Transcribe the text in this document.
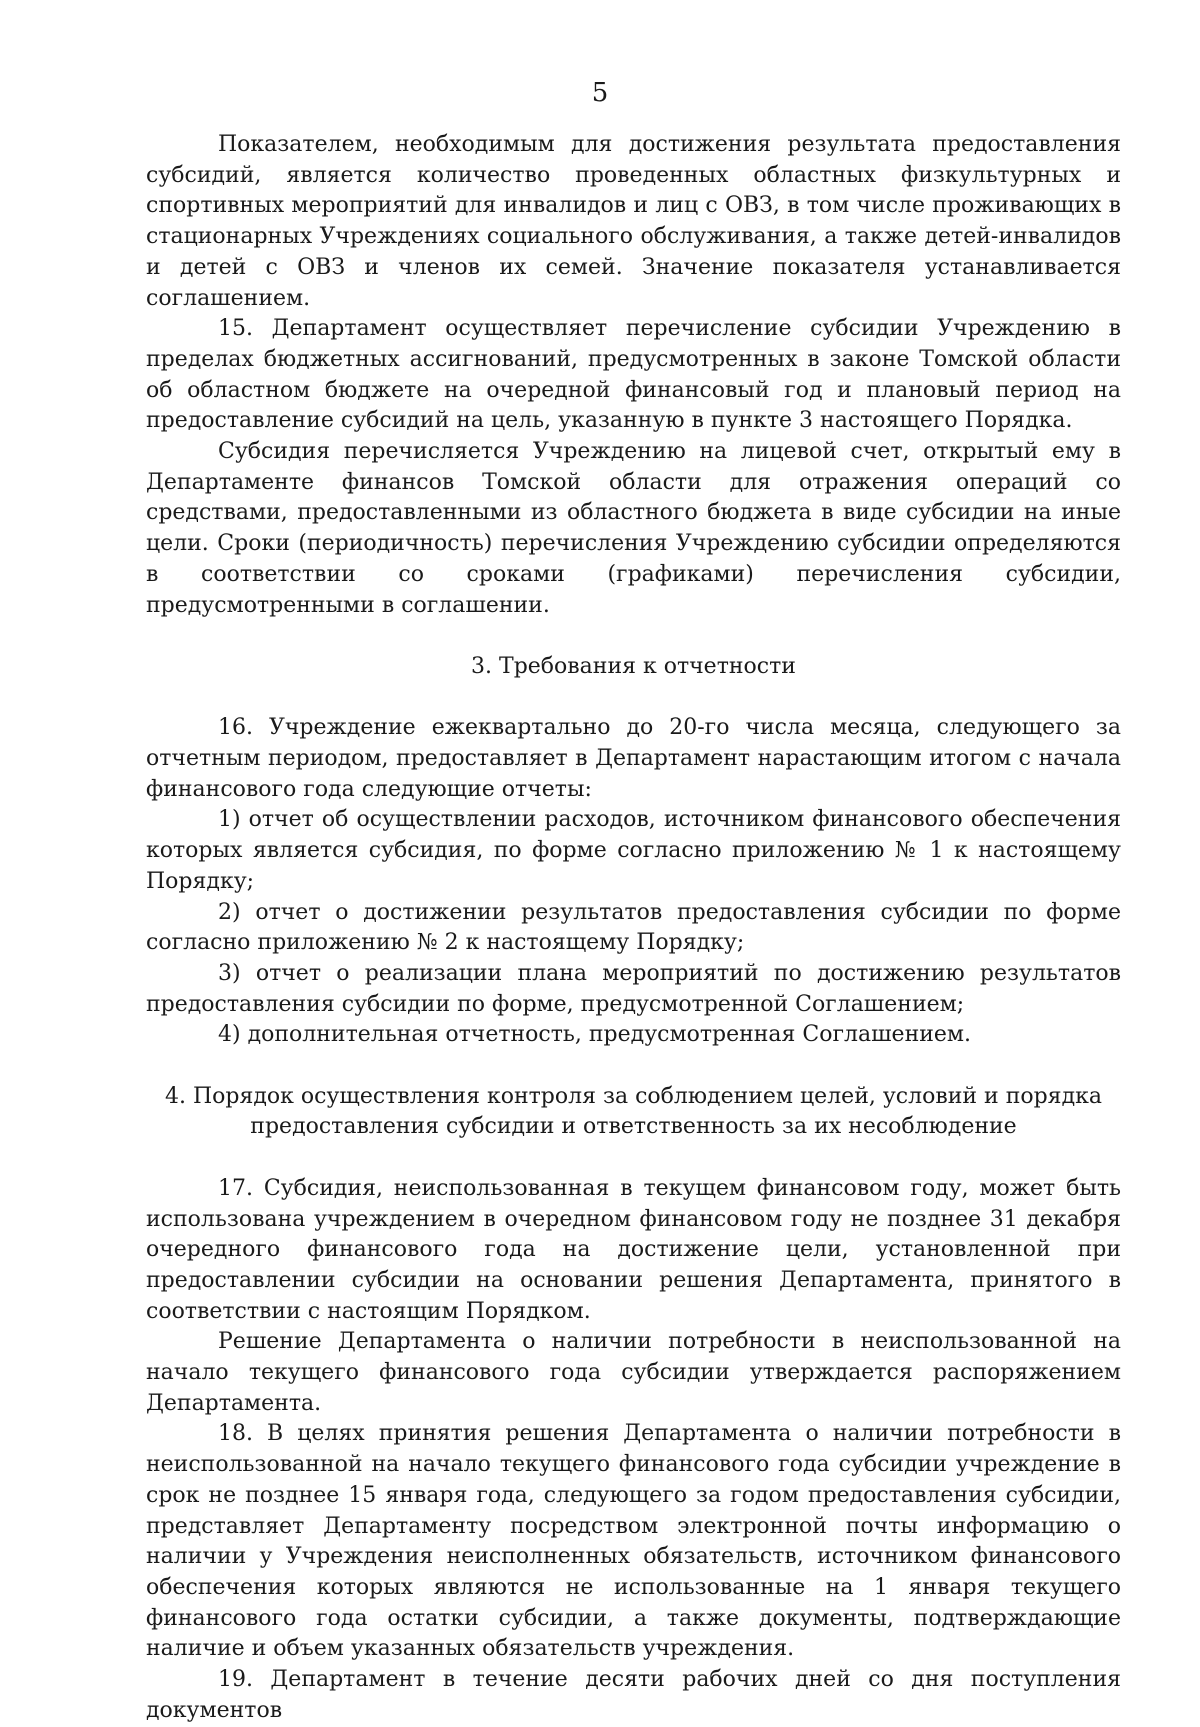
5

Показателем, необходимым для достижения результата предоставления субсидий, является количество проведенных областных физкультурных и спортивных мероприятий для инвалидов и лиц с ОВЗ, в том числе проживающих в стационарных Учреждениях социального обслуживания, а также детей-инвалидов и детей с ОВЗ и членов их семей. Значение показателя устанавливается соглашением.

15. Департамент осуществляет перечисление субсидии Учреждению в пределах бюджетных ассигнований, предусмотренных в законе Томской области об областном бюджете на очередной финансовый год и плановый период на предоставление субсидий на цель, указанную в пункте 3 настоящего Порядка.

Субсидия перечисляется Учреждению на лицевой счет, открытый ему в Департаменте финансов Томской области для отражения операций со средствами, предоставленными из областного бюджета в виде субсидии на иные цели. Сроки (периодичность) перечисления Учреждению субсидии определяются в соответствии со сроками (графиками) перечисления субсидии, предусмотренными в соглашении.

3. Требования к отчетности

16. Учреждение ежеквартально до 20-го числа месяца, следующего за отчетным периодом, предоставляет в Департамент нарастающим итогом с начала финансового года следующие отчеты:

1) отчет об осуществлении расходов, источником финансового обеспечения которых является субсидия, по форме согласно приложению № 1 к настоящему Порядку;

2) отчет о достижении результатов предоставления субсидии по форме согласно приложению № 2 к настоящему Порядку;

3) отчет о реализации плана мероприятий по достижению результатов предоставления субсидии по форме, предусмотренной Соглашением;

4) дополнительная отчетность, предусмотренная Соглашением.

4. Порядок осуществления контроля за соблюдением целей, условий и порядка
предоставления субсидии и ответственность за их несоблюдение

17. Субсидия, неиспользованная в текущем финансовом году, может быть использована учреждением в очередном финансовом году не позднее 31 декабря очередного финансового года на достижение цели, установленной при предоставлении субсидии на основании решения Департамента, принятого в соответствии с настоящим Порядком.

Решение Департамента о наличии потребности в неиспользованной на начало текущего финансового года субсидии утверждается распоряжением Департамента.

18. В целях принятия решения Департамента о наличии потребности в неиспользованной на начало текущего финансового года субсидии учреждение в срок не позднее 15 января года, следующего за годом предоставления субсидии, представляет Департаменту посредством электронной почты информацию о наличии у Учреждения неисполненных обязательств, источником финансового обеспечения которых являются не использованные на 1 января текущего финансового года остатки субсидии, а также документы, подтверждающие наличие и объем указанных обязательств учреждения.

19. Департамент в течение десяти рабочих дней со дня поступления документов
